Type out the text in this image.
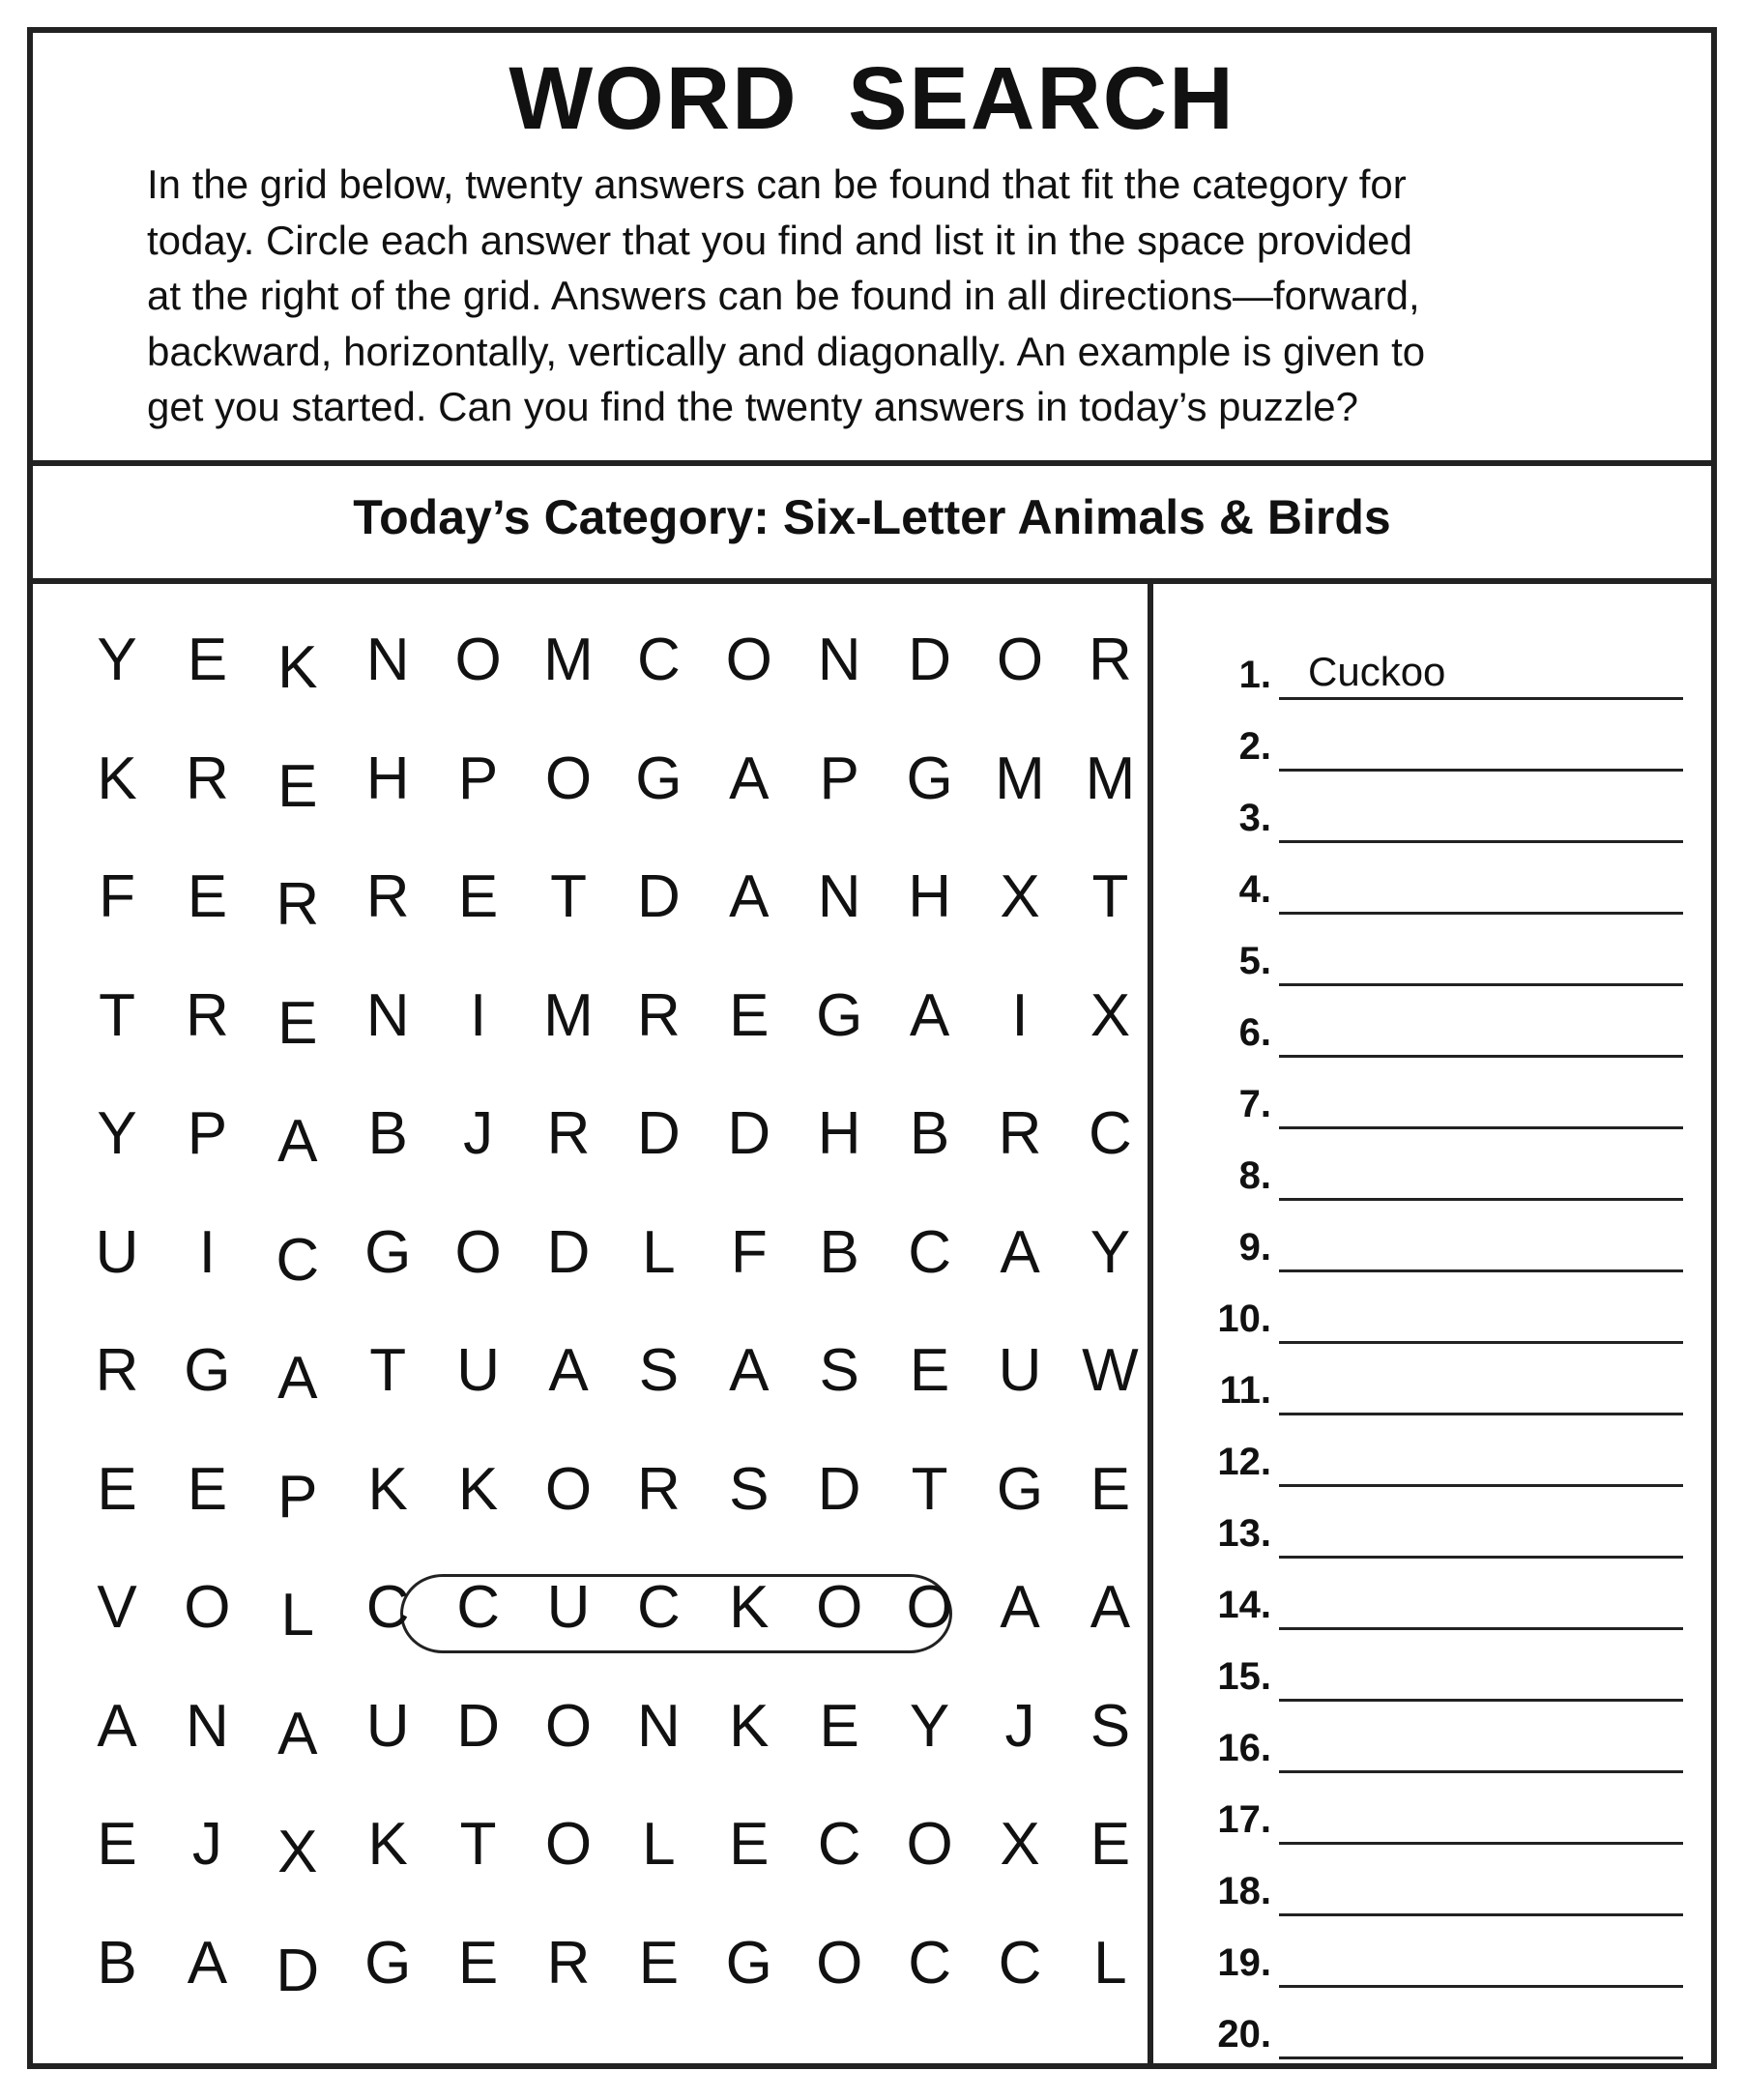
WORD SEARCH
In the grid below, twenty answers can be found that fit the category for
today. Circle each answer that you find and list it in the space provided
at the right of the grid. Answers can be found in all directions—forward,
backward, horizontally, vertically and diagonally. An example is given to
get you started. Can you find the twenty answers in today’s puzzle?
Today’s Category: Six-Letter Animals & Birds
Y E K N O M C O N D O R
K R E H P O G A P G M M
F E R R E T D A N H X T
T R E N	I M R E G A	I	X
Y P A B J R D D H B R C
U	I	C G O D L F B C A Y
R G A T U A S A S E U W
E E P K K O R S D T G E
V O L C C U C K O O A A
A N A U D O N K E Y J S
E J X K T O L E C O X E
B A D G E R E G O C C L
1. Cuckoo
2.
3.
4.
5.
6.
7.
8.
9.
10.
11.
12.
13.
14.
15.
16.
17.
18.
19.
20.
